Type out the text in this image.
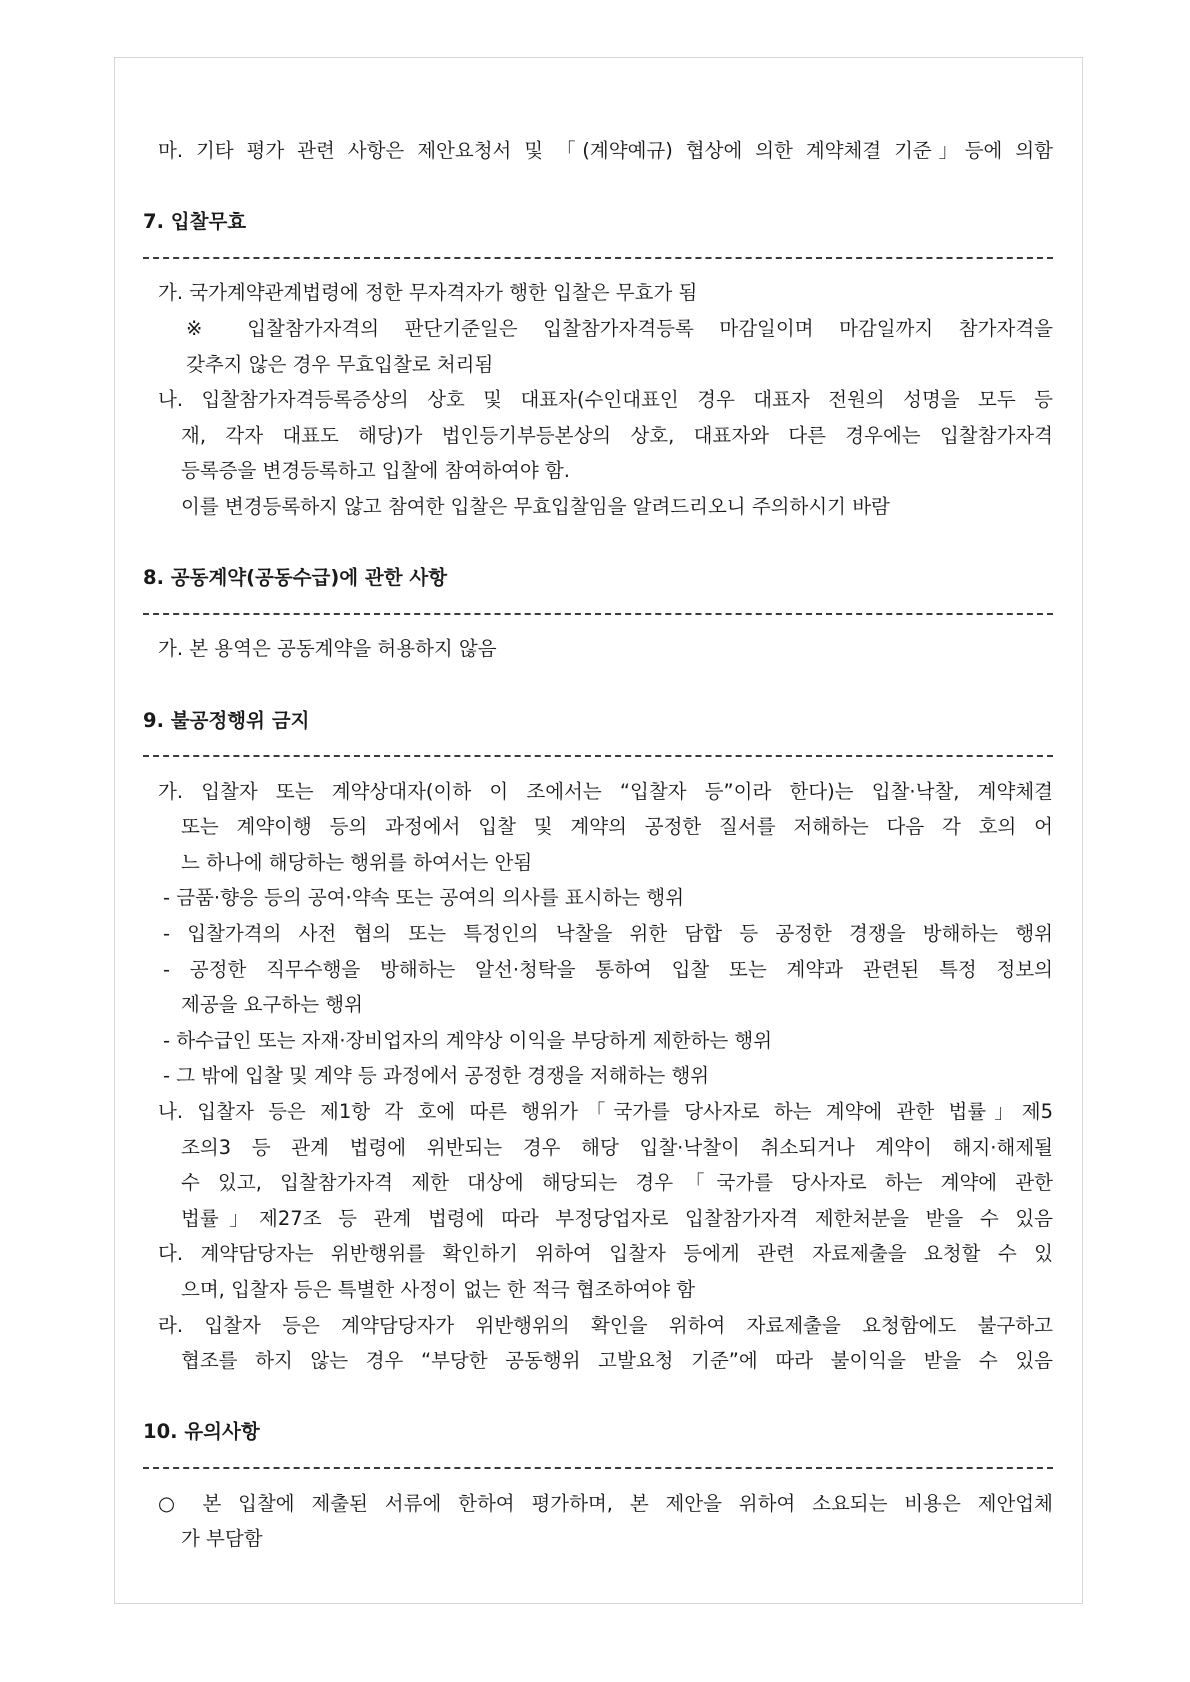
마. 기타 평가 관련 사항은 제안요청서 및 「(계약예규) 협상에 의한 계약체결 기준」등에 의함
7. 입찰무효
가. 국가계약관계법령에 정한 무자격자가 행한 입찰은 무효가 됨
※ 입찰참가자격의 판단기준일은 입찰참가자격등록 마감일이며 마감일까지 참가자격을
갖추지 않은 경우 무효입찰로 처리됨
나. 입찰참가자격등록증상의 상호 및 대표자(수인대표인 경우 대표자 전원의 성명을 모두 등
재, 각자 대표도 해당)가 법인등기부등본상의 상호, 대표자와 다른 경우에는 입찰참가자격
등록증을 변경등록하고 입찰에 참여하여야 함.
이를 변경등록하지 않고 참여한 입찰은 무효입찰임을 알려드리오니 주의하시기 바람
8. 공동계약(공동수급)에 관한 사항
가. 본 용역은 공동계약을 허용하지 않음
9. 불공정행위 금지
가. 입찰자 또는 계약상대자(이하 이 조에서는 “입찰자 등”이라 한다)는 입찰·낙찰, 계약체결
또는 계약이행 등의 과정에서 입찰 및 계약의 공정한 질서를 저해하는 다음 각 호의 어
느 하나에 해당하는 행위를 하여서는 안됨
- 금품·향응 등의 공여·약속 또는 공여의 의사를 표시하는 행위
- 입찰가격의 사전 협의 또는 특정인의 낙찰을 위한 담합 등 공정한 경쟁을 방해하는 행위
- 공정한 직무수행을 방해하는 알선·청탁을 통하여 입찰 또는 계약과 관련된 특정 정보의
제공을 요구하는 행위
- 하수급인 또는 자재·장비업자의 계약상 이익을 부당하게 제한하는 행위
- 그 밖에 입찰 및 계약 등 과정에서 공정한 경쟁을 저해하는 행위
나. 입찰자 등은 제1항 각 호에 따른 행위가「국가를 당사자로 하는 계약에 관한 법률」제5
조의3 등 관계 법령에 위반되는 경우 해당 입찰·낙찰이 취소되거나 계약이 해지·해제될
수 있고, 입찰참가자격 제한 대상에 해당되는 경우「국가를 당사자로 하는 계약에 관한
법률」제27조 등 관계 법령에 따라 부정당업자로 입찰참가자격 제한처분을 받을 수 있음
다. 계약담당자는 위반행위를 확인하기 위하여 입찰자 등에게 관련 자료제출을 요청할 수 있
으며, 입찰자 등은 특별한 사정이 없는 한 적극 협조하여야 함
라. 입찰자 등은 계약담당자가 위반행위의 확인을 위하여 자료제출을 요청함에도 불구하고
협조를 하지 않는 경우 “부당한 공동행위 고발요청 기준”에 따라 불이익을 받을 수 있음
10. 유의사항
○ 본 입찰에 제출된 서류에 한하여 평가하며, 본 제안을 위하여 소요되는 비용은 제안업체
가 부담함
